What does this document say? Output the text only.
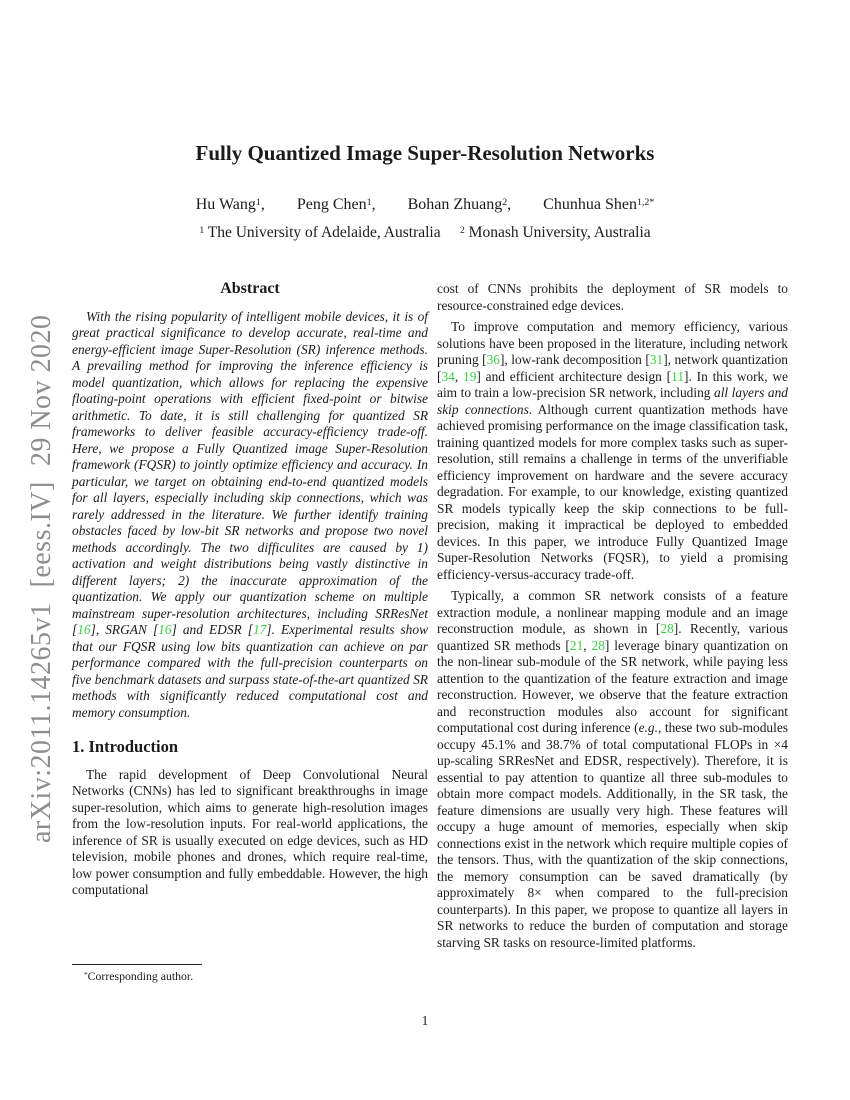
arXiv:2011.14265v1  [eess.IV]  29 Nov 2020
Fully Quantized Image Super-Resolution Networks
Hu Wang$^1$,        Peng Chen$^1$,        Bohan Zhuang$^2$,        Chunhua Shen$^{1,2*}$
$^1$ The University of Adelaide, Australia     $^2$ Monash University, Australia
Abstract

With the rising popularity of intelligent mobile devices, it is of great practical significance to develop accurate, real-time and energy-efficient image Super-Resolution (SR) inference methods. A prevailing method for improving the inference efficiency is model quantization, which allows for replacing the expensive floating-point operations with efficient fixed-point or bitwise arithmetic. To date, it is still challenging for quantized SR frameworks to deliver feasible accuracy-efficiency trade-off. Here, we propose a Fully Quantized image Super-Resolution framework (FQSR) to jointly optimize efficiency and accuracy. In particular, we target on obtaining end-to-end quantized models for all layers, especially including skip connections, which was rarely addressed in the literature. We further identify training obstacles faced by low-bit SR networks and propose two novel methods accordingly. The two difficulites are caused by 1) activation and weight distributions being vastly distinctive in different layers; 2) the inaccurate approximation of the quantization. We apply our quantization scheme on multiple mainstream super-resolution architectures, including SRResNet [16], SRGAN [16] and EDSR [17]. Experimental results show that our FQSR using low bits quantization can achieve on par performance compared with the full-precision counterparts on five benchmark datasets and surpass state-of-the-art quantized SR methods with significantly reduced computational cost and memory consumption.

1. Introduction

The rapid development of Deep Convolutional Neural Networks (CNNs) has led to significant breakthroughs in image super-resolution, which aims to generate high-resolution images from the low-resolution inputs. For real-world applications, the inference of SR is usually executed on edge devices, such as HD television, mobile phones and drones, which require real-time, low power consumption and fully embeddable. However, the high computational

cost of CNNs prohibits the deployment of SR models to resource-constrained edge devices.

To improve computation and memory efficiency, various solutions have been proposed in the literature, including network pruning [36], low-rank decomposition [31], network quantization [34, 19] and efficient architecture design [11]. In this work, we aim to train a low-precision SR network, including all layers and skip connections. Although current quantization methods have achieved promising performance on the image classification task, training quantized models for more complex tasks such as super-resolution, still remains a challenge in terms of the unverifiable efficiency improvement on hardware and the severe accuracy degradation. For example, to our knowledge, existing quantized SR models typically keep the skip connections to be full-precision, making it impractical be deployed to embedded devices. In this paper, we introduce Fully Quantized Image Super-Resolution Networks (FQSR), to yield a promising efficiency-versus-accuracy trade-off.

Typically, a common SR network consists of a feature extraction module, a nonlinear mapping module and an image reconstruction module, as shown in [28]. Recently, various quantized SR methods [21, 28] leverage binary quantization on the non-linear sub-module of the SR network, while paying less attention to the quantization of the feature extraction and image reconstruction. However, we observe that the feature extraction and reconstruction modules also account for significant computational cost during inference (e.g., these two sub-modules occupy 45.1% and 38.7% of total computational FLOPs in ×4 up-scaling SRResNet and EDSR, respectively). Therefore, it is essential to pay attention to quantize all three sub-modules to obtain more compact models. Additionally, in the SR task, the feature dimensions are usually very high. These features will occupy a huge amount of memories, especially when skip connections exist in the network which require multiple copies of the tensors. Thus, with the quantization of the skip connections, the memory consumption can be saved dramatically (by approximately 8× when compared to the full-precision counterparts). In this paper, we propose to quantize all layers in SR networks to reduce the burden of computation and storage starving SR tasks on resource-limited platforms.

*Corresponding author.

1
